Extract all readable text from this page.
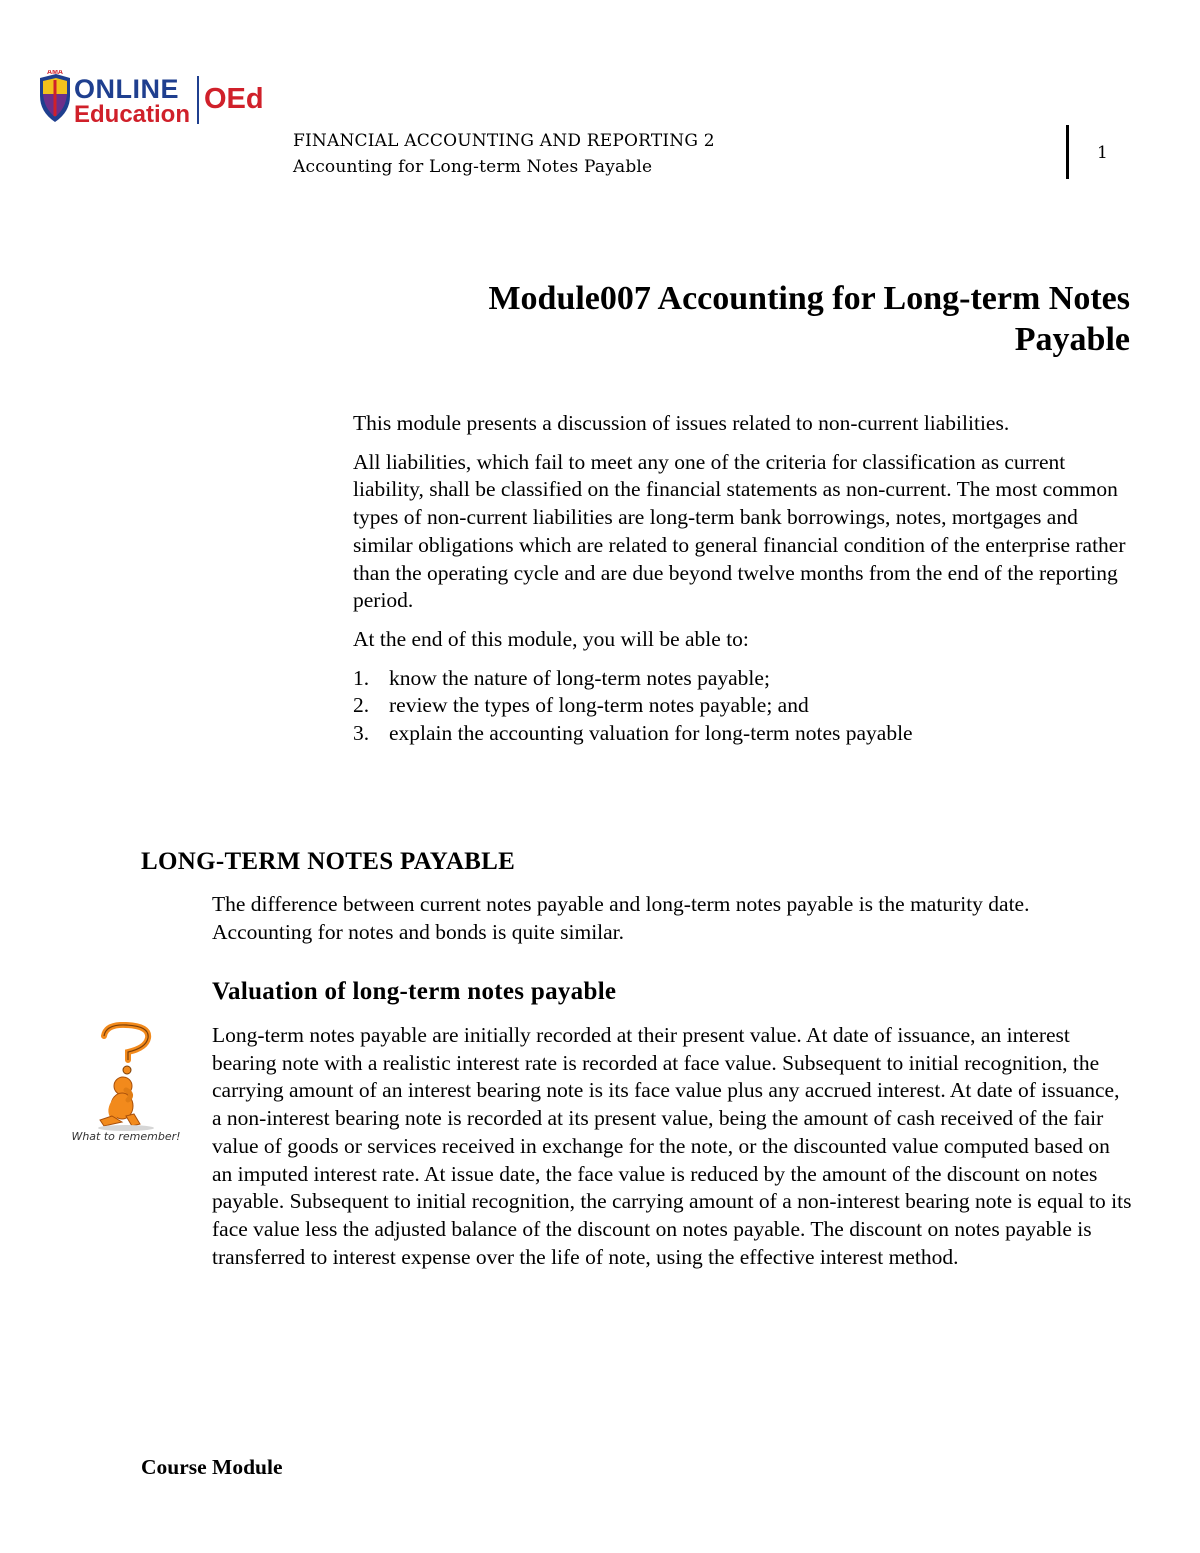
AMA
ONLINE
Education OEd
FINANCIAL ACCOUNTING AND REPORTING 2
Accounting for Long-term Notes Payable
1
Module007 Accounting for Long-term Notes
Payable

This module presents a discussion of issues related to non-current liabilities.

All liabilities, which fail to meet any one of the criteria for classification as current liability, shall be classified on the financial statements as non-current. The most common types of non-current liabilities are long-term bank borrowings, notes, mortgages and similar obligations which are related to general financial condition of the enterprise rather than the operating cycle and are due beyond twelve months from the end of the reporting period.

At the end of this module, you will be able to:

1. know the nature of long-term notes payable;
2. review the types of long-term notes payable; and
3. explain the accounting valuation for long-term notes payable
LONG-TERM NOTES PAYABLE

The difference between current notes payable and long-term notes payable is the maturity date. Accounting for notes and bonds is quite similar.

Valuation of long-term notes payable
What to remember!

Long-term notes payable are initially recorded at their present value. At date of issuance, an interest bearing note with a realistic interest rate is recorded at face value. Subsequent to initial recognition, the carrying amount of an interest bearing note is its face value plus any accrued interest. At date of issuance, a non-interest bearing note is recorded at its present value, being the amount of cash received of the fair value of goods or services received in exchange for the note, or the discounted value computed based on an imputed interest rate. At issue date, the face value is reduced by the amount of the discount on notes payable. Subsequent to initial recognition, the carrying amount of a non-interest bearing note is equal to its face value less the adjusted balance of the discount on notes payable. The discount on notes payable is transferred to interest expense over the life of note, using the effective interest method.

Course Module
